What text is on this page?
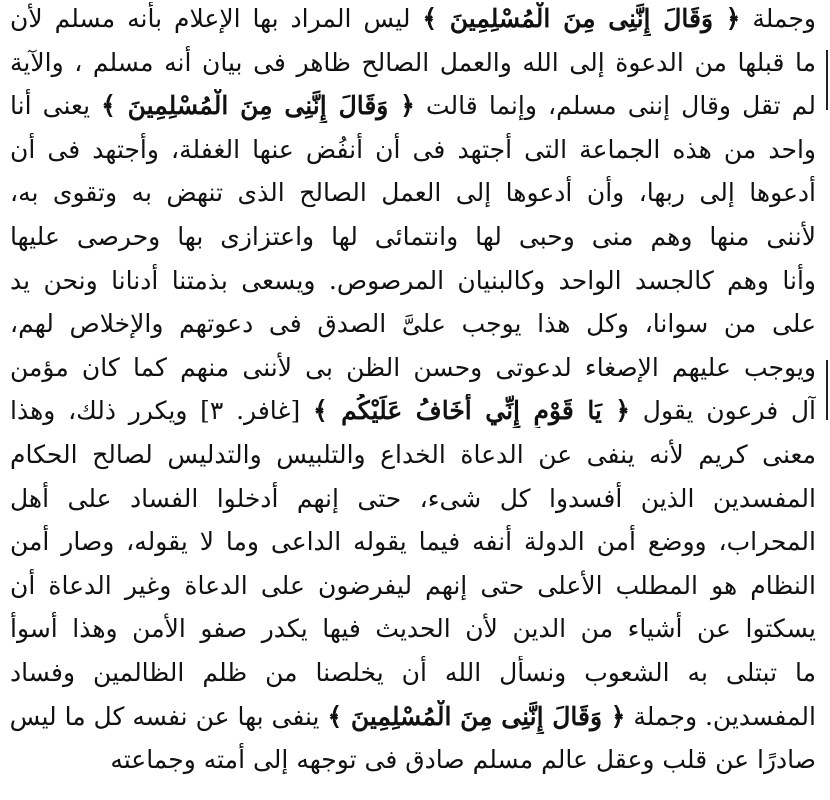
وجملة ﴿ وَقَالَ إِنَّنِى مِنَ الْمُسْلِمِينَ ﴾ ليس المراد بها الإعلام بأنه مسلم لأن
ما قبلها من الدعوة إلى الله والعمل الصالح ظاهر فى بيان أنه مسلم ، والآية
لم تقل وقال إننى مسلم، وإنما قالت ﴿ وَقَالَ إِنَّنِى مِنَ الْمُسْلِمِينَ ﴾ يعنى أنا
واحد من هذه الجماعة التى أجتهد فى أن أنفُض عنها الغفلة، وأجتهد فى أن
أدعوها إلى ربها، وأن أدعوها إلى العمل الصالح الذى تنهض به وتقوى به،
لأننى منها وهم منى وحبى لها وانتمائى لها واعتزازى بها وحرصى عليها
وأنا وهم كالجسد الواحد وكالبنيان المرصوص. ويسعى بذمتنا أدنانا ونحن يد
على من سوانا، وكل هذا يوجب علىَّ الصدق فى دعوتهم والإخلاص لهم،
ويوجب عليهم الإصغاء لدعوتى وحسن الظن بى لأننى منهم كما كان مؤمن
آل فرعون يقول ﴿ يَا قَوْمِ إِنِّي أَخَافُ عَلَيْكُم ﴾ [غافر. ٣] ويكرر ذلك، وهذا
معنى كريم لأنه ينفى عن الدعاة الخداع والتلبيس والتدليس لصالح الحكام
المفسدين الذين أفسدوا كل شىء، حتى إنهم أدخلوا الفساد على أهل
المحراب، ووضع أمن الدولة أنفه فيما يقوله الداعى وما لا يقوله، وصار أمن
النظام هو المطلب الأعلى حتى إنهم ليفرضون على الدعاة وغير الدعاة أن
يسكتوا عن أشياء من الدين لأن الحديث فيها يكدر صفو الأمن وهذا أسوأ
ما تبتلى به الشعوب ونسأل الله أن يخلصنا من ظلم الظالمين وفساد
المفسدين. وجملة ﴿ وَقَالَ إِنَّنِى مِنَ الْمُسْلِمِينَ ﴾ ينفى بها عن نفسه كل ما ليس
صادرًا عن قلب وعقل عالم مسلم صادق فى توجهه إلى أمته وجماعته
